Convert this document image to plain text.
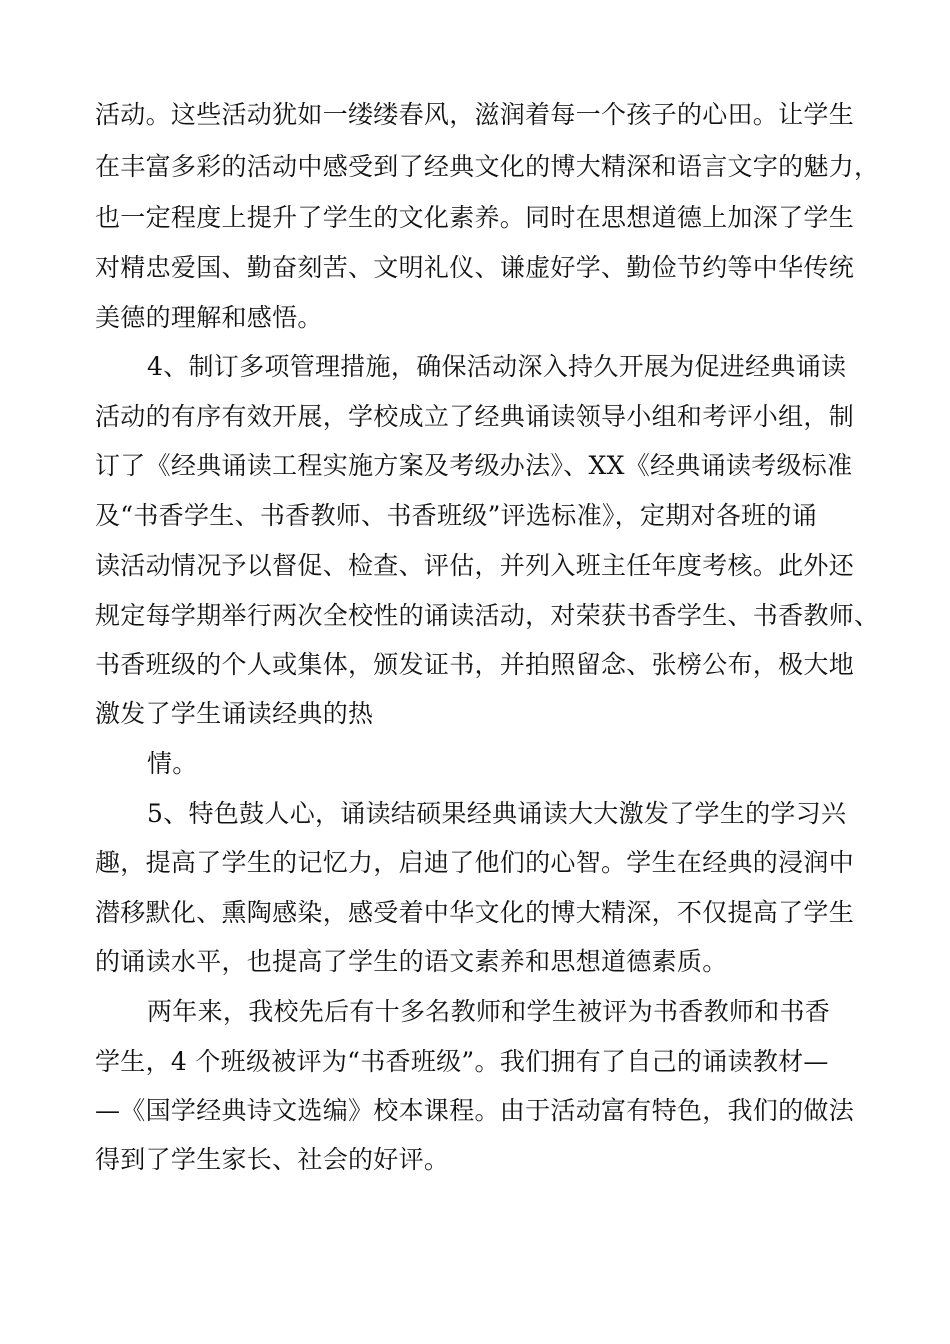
活动。这些活动犹如一缕缕春风，滋润着每一个孩子的心田。让学生
在丰富多彩的活动中感受到了经典文化的博大精深和语言文字的魅力，
也一定程度上提升了学生的文化素养。同时在思想道德上加深了学生
对精忠爱国、勤奋刻苦、文明礼仪、谦虚好学、勤俭节约等中华传统
美德的理解和感悟。
4、制订多项管理措施，确保活动深入持久开展为促进经典诵读
活动的有序有效开展，学校成立了经典诵读领导小组和考评小组，制
订了《经典诵读工程实施方案及考级办法》、XX《经典诵读考级标准
及“书香学生、书香教师、书香班级”评选标准》，定期对各班的诵
读活动情况予以督促、检查、评估，并列入班主任年度考核。此外还
规定每学期举行两次全校性的诵读活动，对荣获书香学生、书香教师、
书香班级的个人或集体，颁发证书，并拍照留念、张榜公布，极大地
激发了学生诵读经典的热
情。
5、特色鼓人心，诵读结硕果经典诵读大大激发了学生的学习兴
趣，提高了学生的记忆力，启迪了他们的心智。学生在经典的浸润中
潜移默化、熏陶感染，感受着中华文化的博大精深，不仅提高了学生
的诵读水平，也提高了学生的语文素养和思想道德素质。
两年来，我校先后有十多名教师和学生被评为书香教师和书香
学生，4 个班级被评为“书香班级”。我们拥有了自己的诵读教材—
—《国学经典诗文选编》校本课程。由于活动富有特色，我们的做法
得到了学生家长、社会的好评。
